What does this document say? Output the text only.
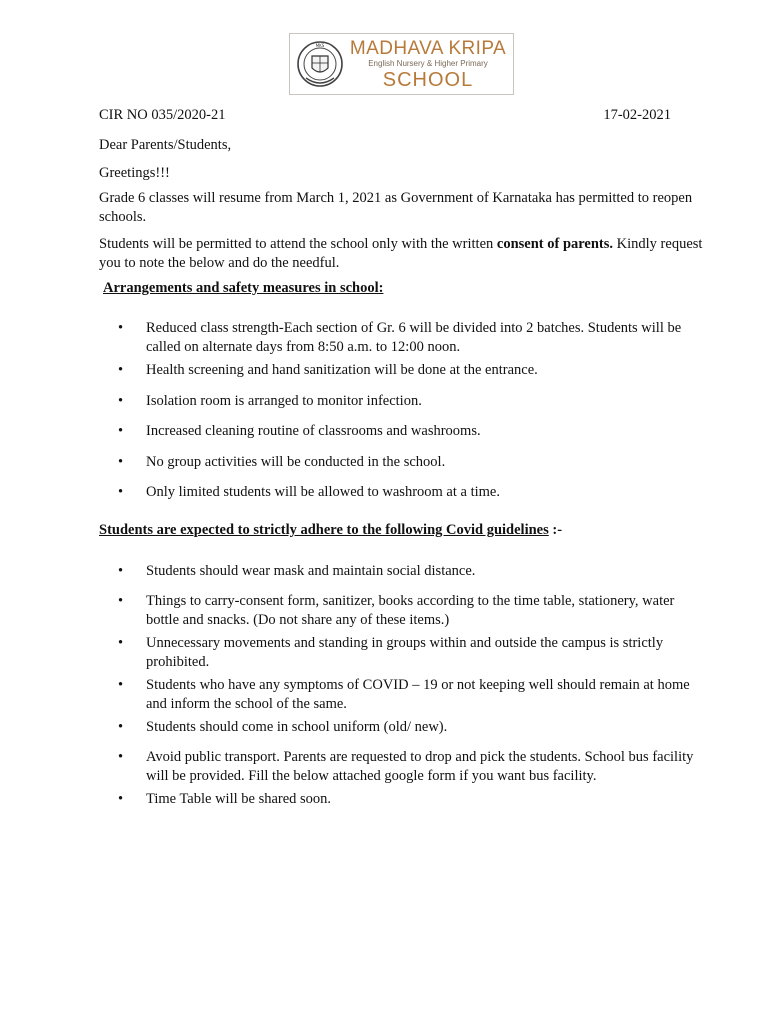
MKS	MADHAVA KRIPA
English Nursery & Higher Primary
SCHOOL
CIR NO 035/2020-21	17-02-2021

Dear Parents/Students,

Greetings!!!

Grade 6 classes will resume from March 1, 2021 as Government of Karnataka has permitted to reopen schools.

Students will be permitted to attend the school only with the written consent of parents. Kindly request you to note the below and do the needful.

Arrangements and safety measures in school:

• Reduced class strength-Each section of Gr. 6 will be divided into 2 batches. Students will be called on alternate days from 8:50 a.m. to 12:00 noon.
• Health screening and hand sanitization will be done at the entrance.
• Isolation room is arranged to monitor infection.
• Increased cleaning routine of classrooms and washrooms.
• No group activities will be conducted in the school.
• Only limited students will be allowed to washroom at a time.

Students are expected to strictly adhere to the following Covid guidelines :-

• Students should wear mask and maintain social distance.
• Things to carry-consent form, sanitizer, books according to the time table, stationery, water bottle and snacks. (Do not share any of these items.)
• Unnecessary movements and standing in groups within and outside the campus is strictly prohibited.
• Students who have any symptoms of COVID – 19 or not keeping well should remain at home and inform the school of the same.
• Students should come in school uniform (old/ new).
• Avoid public transport. Parents are requested to drop and pick the students. School bus facility will be provided. Fill the below attached google form if you want bus facility.
• Time Table will be shared soon.
